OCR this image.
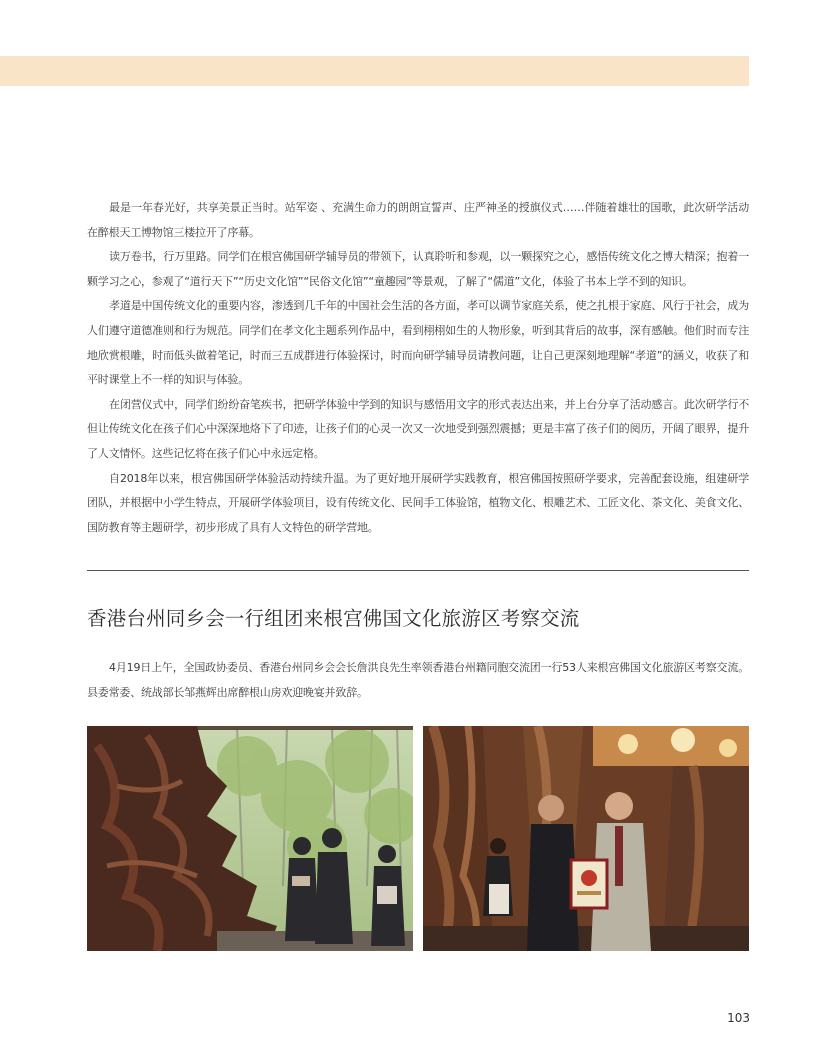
最是一年春光好，共享美景正当时。站军姿 、充满生命力的朗朗宣誓声、庄严神圣的授旗仪式……伴随着雄壮的国歌，此次研学活动在醉根天工博物馆三楼拉开了序幕。

读万卷书，行万里路。同学们在根宫佛国研学辅导员的带领下，认真聆听和参观，以一颗探究之心，感悟传统文化之博大精深；抱着一颗学习之心，参观了“道行天下”“历史文化馆”“民俗文化馆”“童趣园”等景观，了解了“儒道”文化，体验了书本上学不到的知识。

孝道是中国传统文化的重要内容，渗透到几千年的中国社会生活的各方面，孝可以调节家庭关系，使之扎根于家庭、风行于社会，成为人们遵守道德准则和行为规范。同学们在孝文化主题系列作品中，看到栩栩如生的人物形象，听到其背后的故事，深有感触。他们时而专注地欣赏根雕，时而低头做着笔记，时而三五成群进行体验探讨，时而向研学辅导员请教问题，让自己更深刻地理解“孝道”的涵义，收获了和平时课堂上不一样的知识与体验。

在闭营仪式中，同学们纷纷奋笔疾书，把研学体验中学到的知识与感悟用文字的形式表达出来，并上台分享了活动感言。此次研学行不但让传统文化在孩子们心中深深地烙下了印迹，让孩子们的心灵一次又一次地受到强烈震撼；更是丰富了孩子们的阅历，开阔了眼界，提升了人文情怀。这些记忆将在孩子们心中永远定格。

自2018年以来，根宫佛国研学体验活动持续升温。为了更好地开展研学实践教育，根宫佛国按照研学要求，完善配套设施，组建研学团队，并根据中小学生特点，开展研学体验项目，设有传统文化、民间手工体验馆，植物文化、根雕艺术、工匠文化、茶文化、美食文化、国防教育等主题研学，初步形成了具有人文特色的研学营地。

香港台州同乡会一行组团来根宫佛国文化旅游区考察交流

4月19日上午，全国政协委员、香港台州同乡会会长詹洪良先生率领香港台州籍同胞交流团一行53人来根宫佛国文化旅游区考察交流。县委常委、统战部长邹燕辉出席醉根山房欢迎晚宴并致辞。

103
